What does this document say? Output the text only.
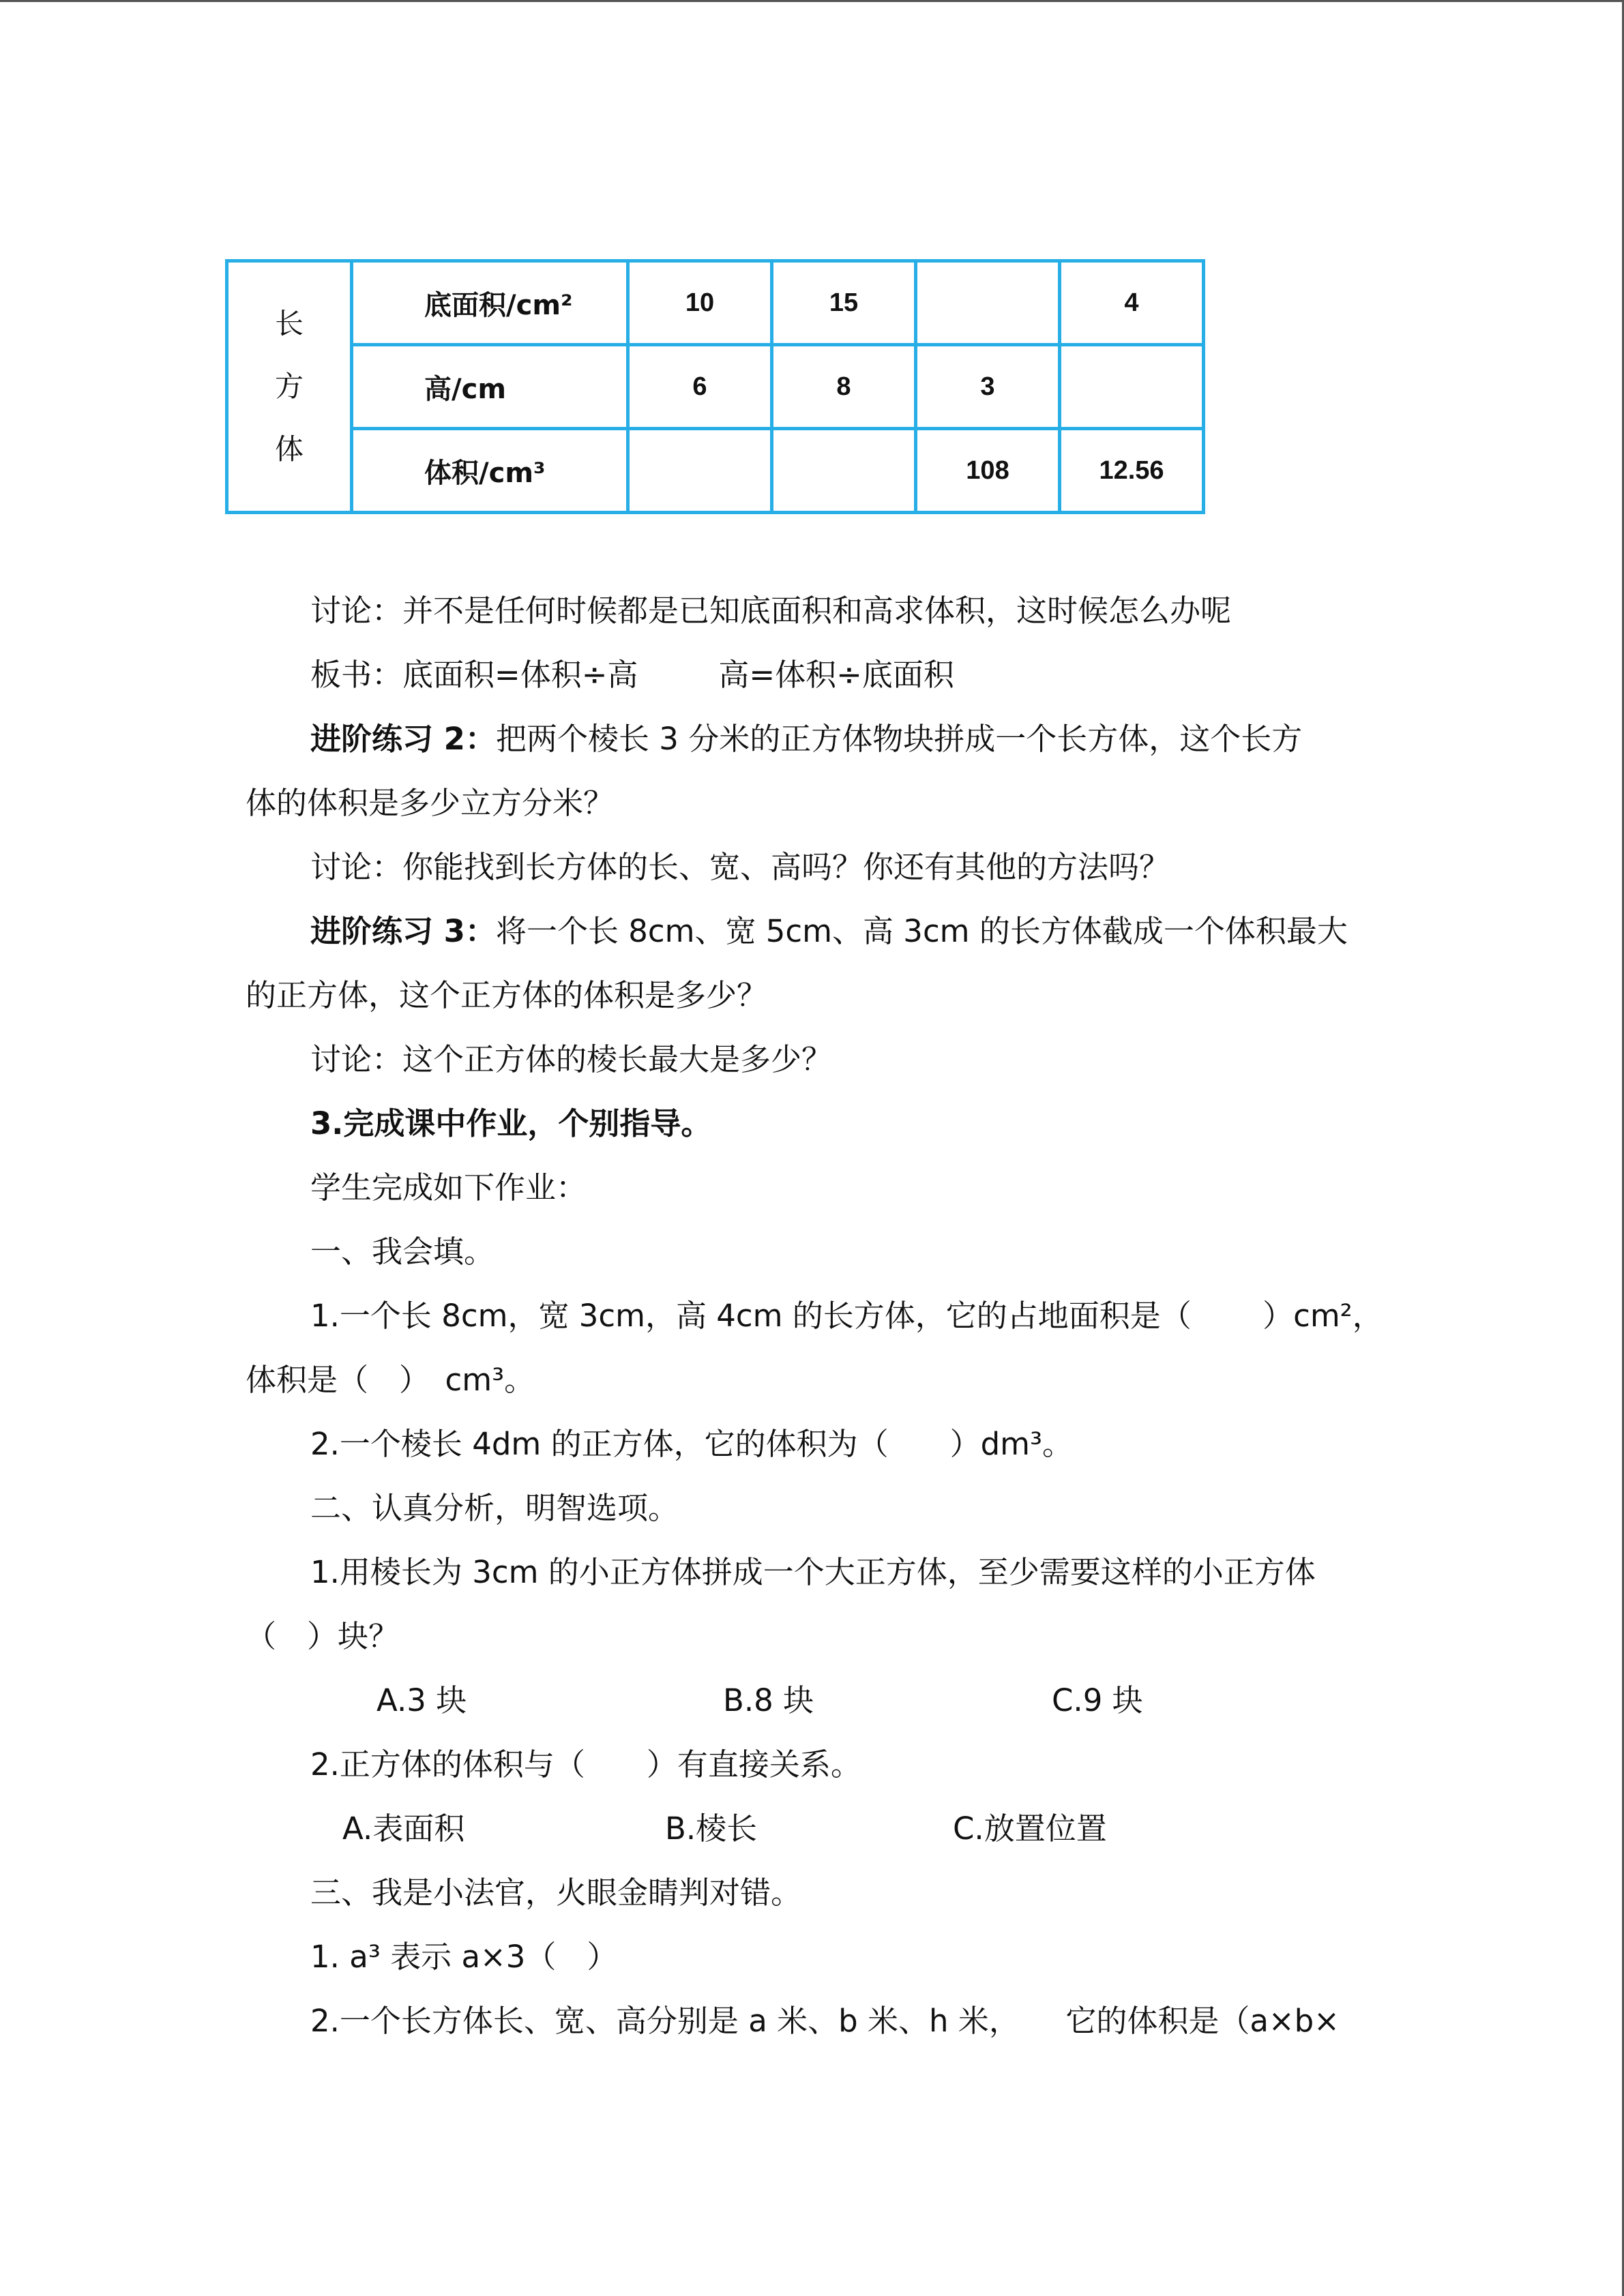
长
方
体	底面积/cm²	10	15		4
	高/cm	6	8	3	
	体积/cm³			108	12.56
讨论：并不是任何时候都是已知底面积和高求体积，这时候怎么办呢
板书：底面积=体积÷高	高=体积÷底面积
进阶练习 2：把两个棱长 3 分米的正方体物块拼成一个长方体，这个长方
体的体积是多少立方分米？
讨论：你能找到长方体的长、宽、高吗？你还有其他的方法吗？
进阶练习 3：将一个长 8cm、宽 5cm、高 3cm 的长方体截成一个体积最大
的正方体，这个正方体的体积是多少？
讨论：这个正方体的棱长最大是多少？
3.完成课中作业，个别指导。
学生完成如下作业：
一、我会填。
1.一个长 8cm，宽 3cm，高 4cm 的长方体，它的占地面积是（　　 ）cm²，
体积是（　）　cm³。
2.一个棱长 4dm 的正方体，它的体积为（　　）dm³。
二、认真分析，明智选项。
1.用棱长为 3cm 的小正方体拼成一个大正方体，至少需要这样的小正方体
（　）块？
A.3 块	B.8 块	C.9 块
2.正方体的体积与（　　）有直接关系。
A.表面积	B.棱长	C.放置位置
三、我是小法官，火眼金睛判对错。
1. a³ 表示 a×3（　）
2.一个长方体长、宽、高分别是 a 米、b 米、h 米，　　它的体积是（a×b×
